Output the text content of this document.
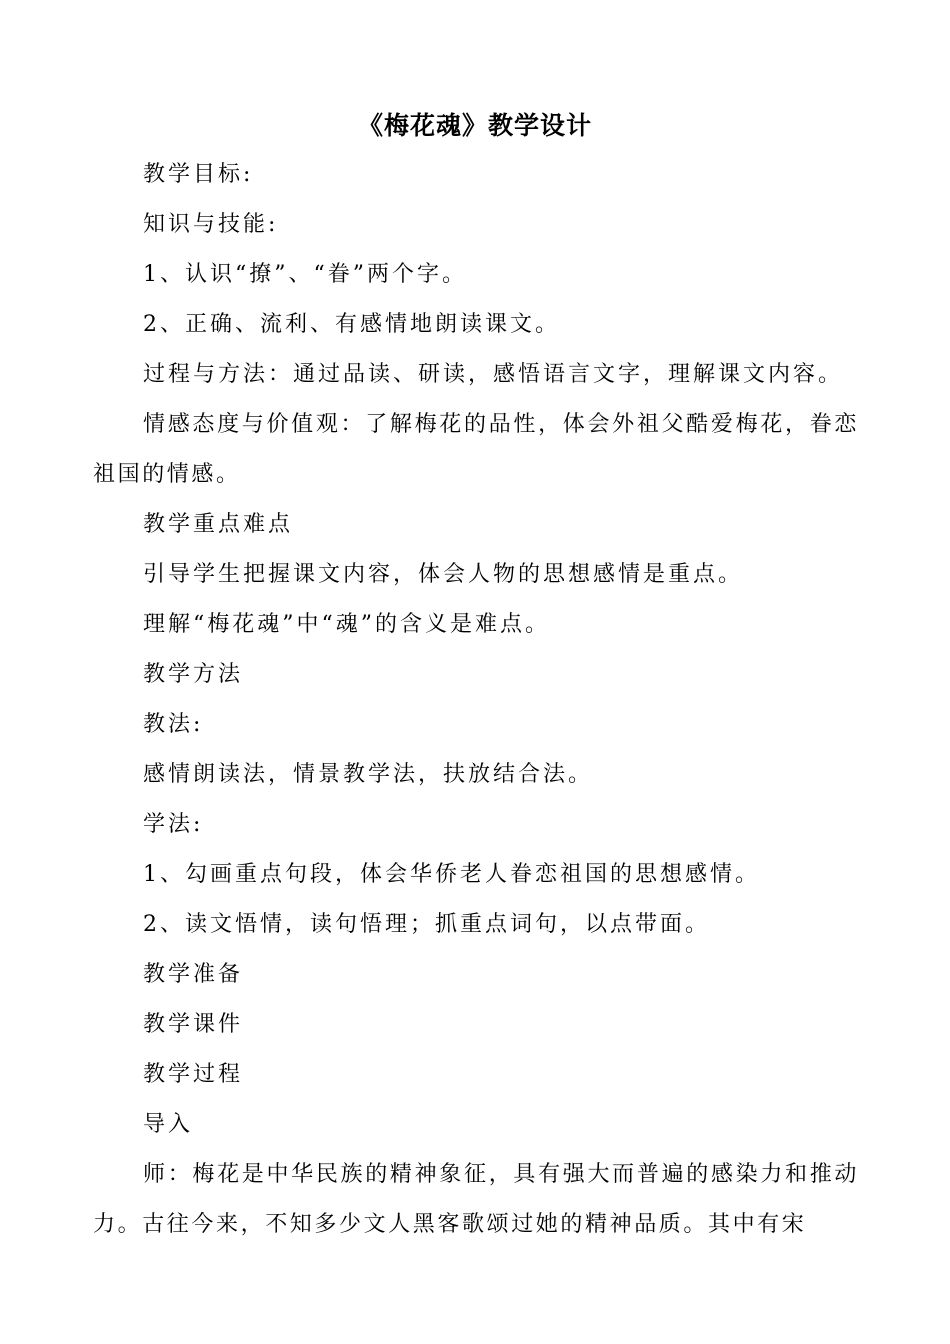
《梅花魂》教学设计
教学目标:
知识与技能:
1、认识“撩”、“眷”两个字。
2、正确、流利、有感情地朗读课文。
过程与方法：通过品读、研读，感悟语言文字，理解课文内容。
情感态度与价值观：了解梅花的品性，体会外祖父酷爱梅花，眷恋祖国的情感。
教学重点难点
引导学生把握课文内容，体会人物的思想感情是重点。
理解“梅花魂”中“魂”的含义是难点。
教学方法
教法:
感情朗读法，情景教学法，扶放结合法。
学法:
1、勾画重点句段，体会华侨老人眷恋祖国的思想感情。
2、读文悟情，读句悟理；抓重点词句，以点带面。
教学准备
教学课件
教学过程
导入
师：梅花是中华民族的精神象征，具有强大而普遍的感染力和推动力。古往今来，不知多少文人黑客歌颂过她的精神品质。其中有宋
